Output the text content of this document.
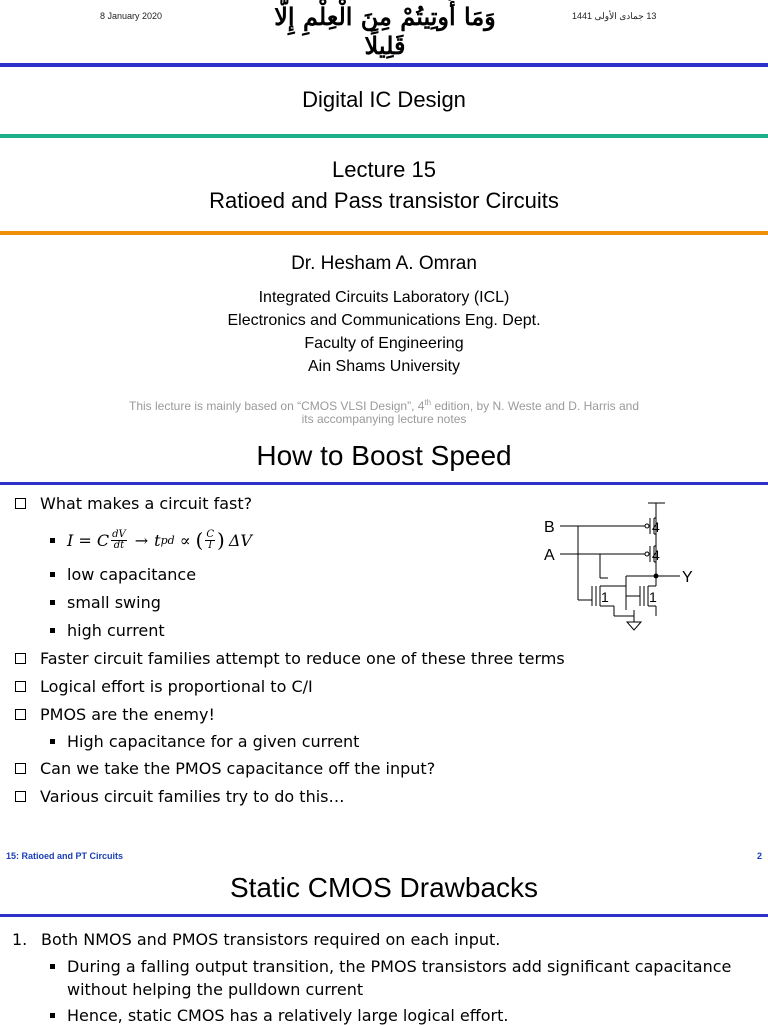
8 January 2020	وَمَا أُوتِيتُمْ مِنَ الْعِلْمِ إِلَّا قَلِيلًا
13 جمادى الأولى 1441
Digital IC Design
Lecture 15
Ratioed and Pass transistor Circuits
Dr. Hesham A. Omran
Integrated Circuits Laboratory (ICL)
Electronics and Communications Eng. Dept.
Faculty of Engineering
Ain Shams University
This lecture is mainly based on “CMOS VLSI Design”, 4th edition, by N. Weste and D. Harris and
its accompanying lecture notes
How to Boost Speed
What makes a circuit fast?
I = C $\frac{dV}{dt} \to t$ pd ∝ ( $\frac{C}{I}$ ) ΔV
low capacitance
small swing
high current
Faster circuit families attempt to reduce one of these three terms
Logical effort is proportional to C/I
PMOS are the enemy!
High capacitance for a given current
Can we take the PMOS capacitance off the input?
Various circuit families try to do this…
B
A
Y
4
4
1	1
15: Ratioed and PT Circuits	2
Static CMOS Drawbacks
1. Both NMOS and PMOS transistors required on each input.
During a falling output transition, the PMOS transistors add significant capacitance
without helping the pulldown current
Hence, static CMOS has a relatively large logical effort.
